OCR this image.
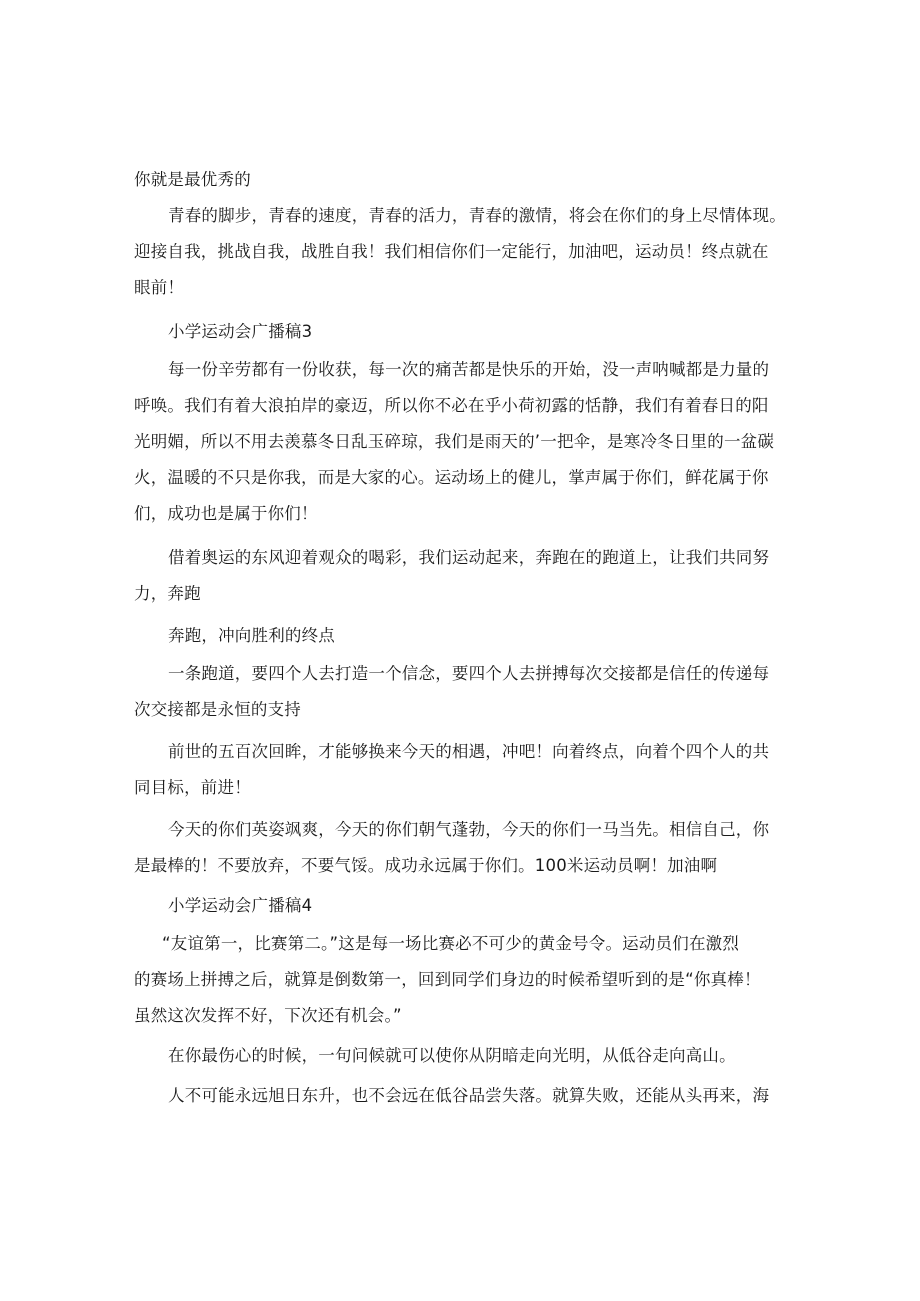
你就是最优秀的
青春的脚步，青春的速度，青春的活力，青春的激情，将会在你们的身上尽情体现。
迎接自我，挑战自我，战胜自我！我们相信你们一定能行，加油吧，运动员！终点就在
眼前！
小学运动会广播稿3
每一份辛劳都有一份收获，每一次的痛苦都是快乐的开始，没一声呐喊都是力量的
呼唤。我们有着大浪拍岸的豪迈，所以你不必在乎小荷初露的恬静，我们有着春日的阳
光明媚，所以不用去羡慕冬日乱玉碎琼，我们是雨天的’一把伞，是寒冷冬日里的一盆碳
火，温暖的不只是你我，而是大家的心。运动场上的健儿，掌声属于你们，鲜花属于你
们，成功也是属于你们！
借着奥运的东风迎着观众的喝彩，我们运动起来，奔跑在的跑道上，让我们共同努
力，奔跑
奔跑，冲向胜利的终点
一条跑道，要四个人去打造一个信念，要四个人去拼搏每次交接都是信任的传递每
次交接都是永恒的支持
前世的五百次回眸，才能够换来今天的相遇，冲吧！向着终点，向着个四个人的共
同目标，前进！
今天的你们英姿飒爽，今天的你们朝气蓬勃，今天的你们一马当先。相信自己，你
是最棒的！不要放弃，不要气馁。成功永远属于你们。100米运动员啊！加油啊
小学运动会广播稿4
“友谊第一，比赛第二。”这是每一场比赛必不可少的黄金号令。运动员们在激烈
的赛场上拼搏之后，就算是倒数第一，回到同学们身边的时候希望听到的是“你真棒！
虽然这次发挥不好，下次还有机会。”
在你最伤心的时候，一句问候就可以使你从阴暗走向光明，从低谷走向高山。
人不可能永远旭日东升，也不会远在低谷品尝失落。就算失败，还能从头再来，海
